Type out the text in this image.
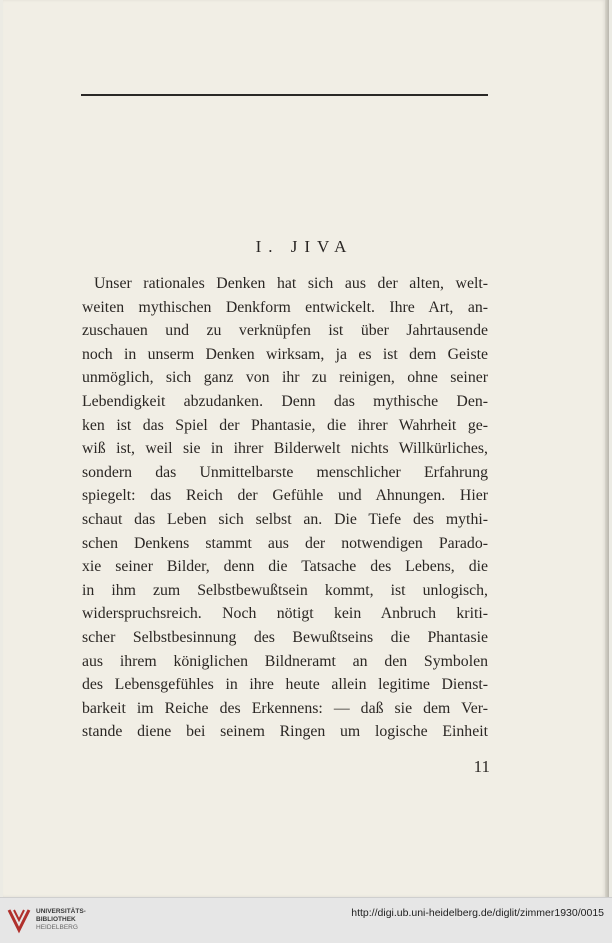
I. JIVA
Unser rationales Denken hat sich aus der alten, welt-
weiten mythischen Denkform entwickelt. Ihre Art, an-
zuschauen und zu verknüpfen ist über Jahrtausende
noch in unserm Denken wirksam, ja es ist dem Geiste
unmöglich, sich ganz von ihr zu reinigen, ohne seiner
Lebendigkeit abzudanken. Denn das mythische Den-
ken ist das Spiel der Phantasie, die ihrer Wahrheit ge-
wiß ist, weil sie in ihrer Bilderwelt nichts Willkürliches,
sondern das Unmittelbarste menschlicher Erfahrung
spiegelt: das Reich der Gefühle und Ahnungen. Hier
schaut das Leben sich selbst an. Die Tiefe des mythi-
schen Denkens stammt aus der notwendigen Parado-
xie seiner Bilder, denn die Tatsache des Lebens, die
in ihm zum Selbstbewußtsein kommt, ist unlogisch,
widerspruchsreich. Noch nötigt kein Anbruch kriti-
scher Selbstbesinnung des Bewußtseins die Phantasie
aus ihrem königlichen Bildneramt an den Symbolen
des Lebensgefühles in ihre heute allein legitime Dienst-
barkeit im Reiche des Erkennens: — daß sie dem Ver-
stande diene bei seinem Ringen um logische Einheit
11
UNIVERSITÄTS-
BIBLIOTHEK
HEIDELBERG
http://digi.ub.uni-heidelberg.de/diglit/zimmer1930/0015
